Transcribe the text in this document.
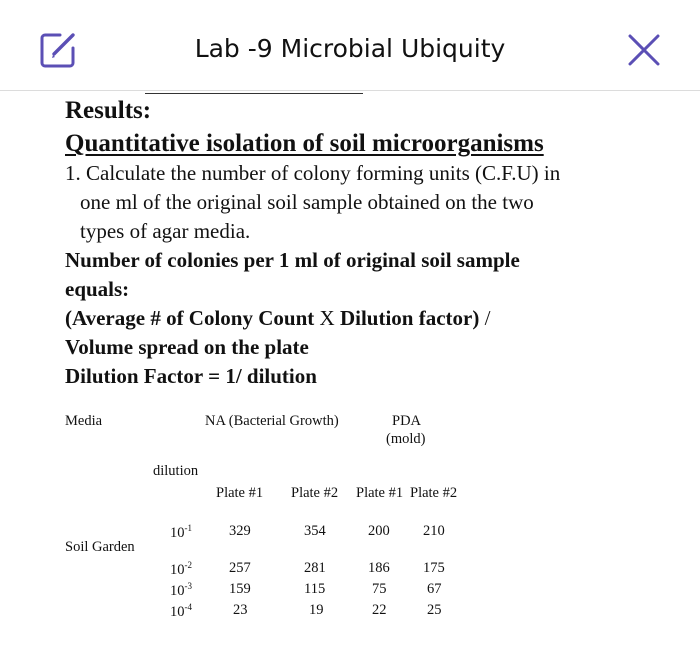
Lab -9 Microbial Ubiquity
Results:
Quantitative isolation of soil microorganisms
1. Calculate the number of colony forming units (C.F.U) in
one ml of the original soil sample obtained on the two
types of agar media.
Number of colonies per 1 ml of original soil sample
equals:
(Average # of Colony Count X Dilution factor) /
Volume spread on the plate
Dilution Factor = 1/ dilution
Media	NA (Bacterial Growth)	PDA
(mold)
dilution
Plate #1 Plate #2 Plate #1 Plate #2
Soil Garden
$10^{-1}$	329	354	200 210
$10^{-2}$	257	281	186 175
$10^{-3}$	159	115	75	67
$10^{-4}$	23	19	22	25
